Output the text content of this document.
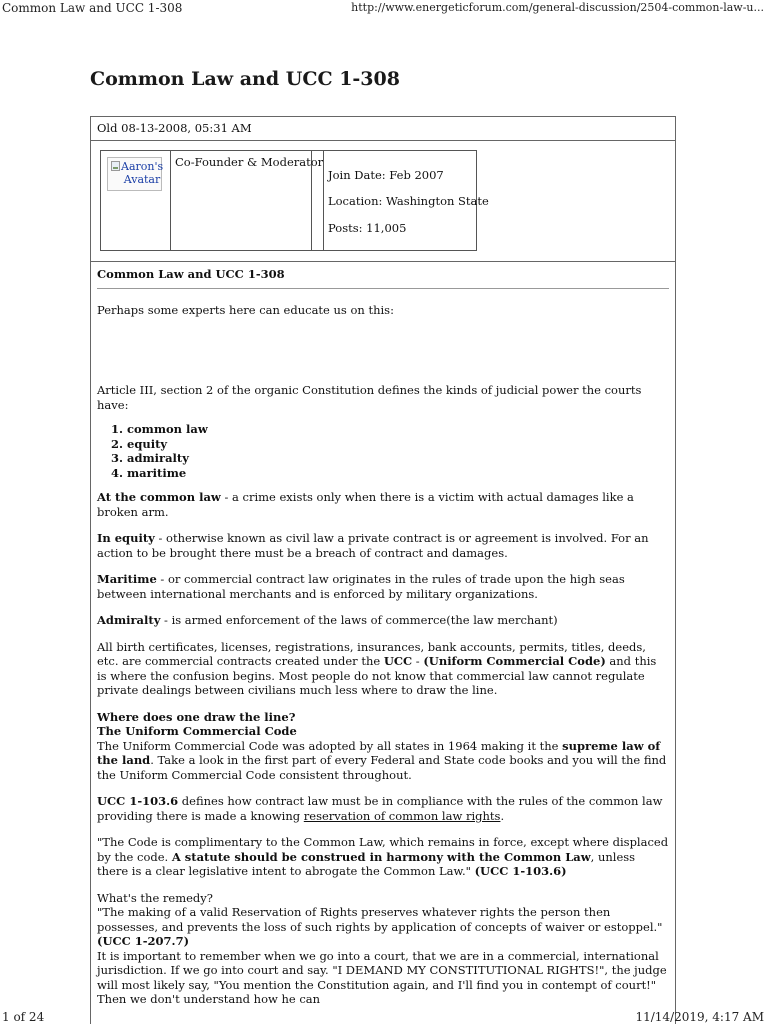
Common Law and UCC 1-308	http://www.energeticforum.com/general-discussion/2504-common-law-u...
Common Law and UCC 1-308
Old 08-13-2008, 05:31 AM
Aaron's Avatar
Co-Founder & Moderator
Join Date: Feb 2007
Location: Washington State
Posts: 11,005

Common Law and UCC 1-308

Perhaps some experts here can educate us on this:

Article III, section 2 of the organic Constitution defines the kinds of judicial power the courts have:

1. common law
2. equity
3. admiralty
4. maritime

At the common law - a crime exists only when there is a victim with actual damages like a broken arm.

In equity - otherwise known as civil law a private contract is or agreement is involved. For an action to be brought there must be a breach of contract and damages.

Maritime - or commercial contract law originates in the rules of trade upon the high seas between international merchants and is enforced by military organizations.

Admiralty - is armed enforcement of the laws of commerce(the law merchant)

All birth certificates, licenses, registrations, insurances, bank accounts, permits, titles, deeds, etc. are commercial contracts created under the UCC - (Uniform Commercial Code) and this is where the confusion begins. Most people do not know that commercial law cannot regulate private dealings between civilians much less where to draw the line.

Where does one draw the line?
The Uniform Commercial Code
The Uniform Commercial Code was adopted by all states in 1964 making it the supreme law of the land. Take a look in the first part of every Federal and State code books and you will the find the Uniform Commercial Code consistent throughout.

UCC 1-103.6 defines how contract law must be in compliance with the rules of the common law providing there is made a knowing reservation of common law rights.

"The Code is complimentary to the Common Law, which remains in force, except where displaced by the code. A statute should be construed in harmony with the Common Law, unless there is a clear legislative intent to abrogate the Common Law." (UCC 1-103.6)

What's the remedy?
"The making of a valid Reservation of Rights preserves whatever rights the person then possesses, and prevents the loss of such rights by application of concepts of waiver or estoppel." (UCC 1-207.7)
It is important to remember when we go into a court, that we are in a commercial, international jurisdiction. If we go into court and say. "I DEMAND MY CONSTITUTIONAL RIGHTS!", the judge will most likely say, "You mention the Constitution again, and I'll find you in contempt of court!" Then we don't understand how he can

1 of 24	11/14/2019, 4:17 AM
